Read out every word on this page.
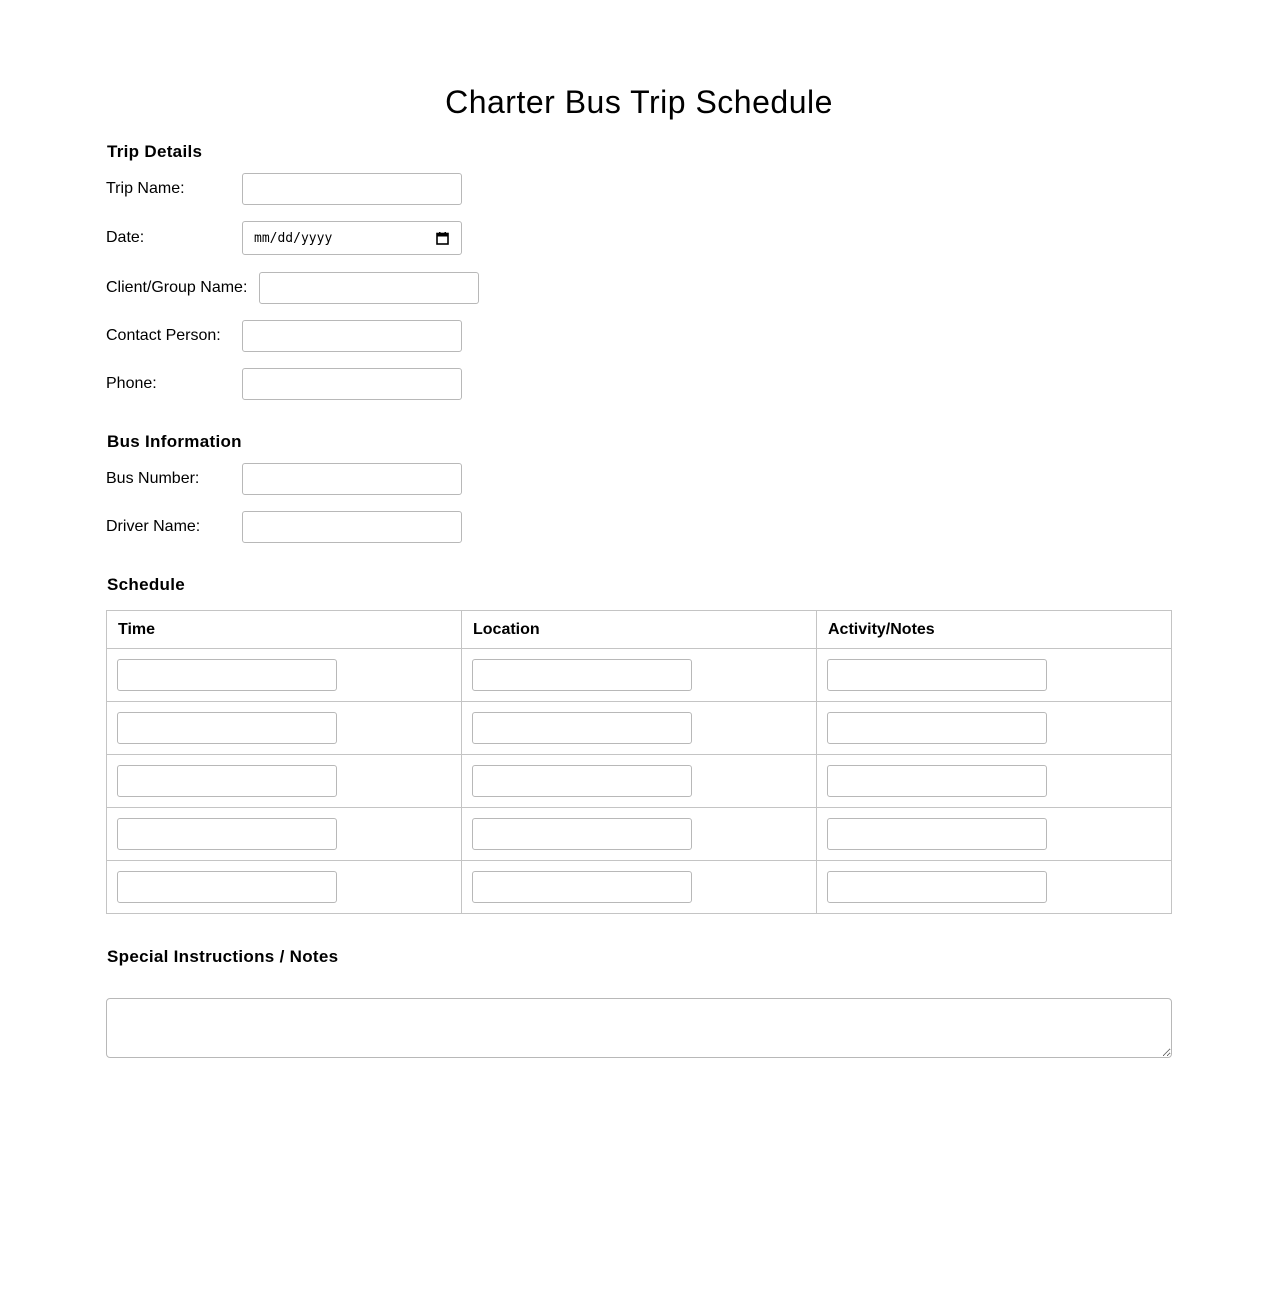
Charter Bus Trip Schedule
Trip Details
Trip Name:
Date:	mm/dd/yyyy
Client/Group Name:
Contact Person:
Phone:
Bus Information
Bus Number:
Driver Name:
Schedule
Time	Location	Activity/Notes

Special Instructions / Notes
